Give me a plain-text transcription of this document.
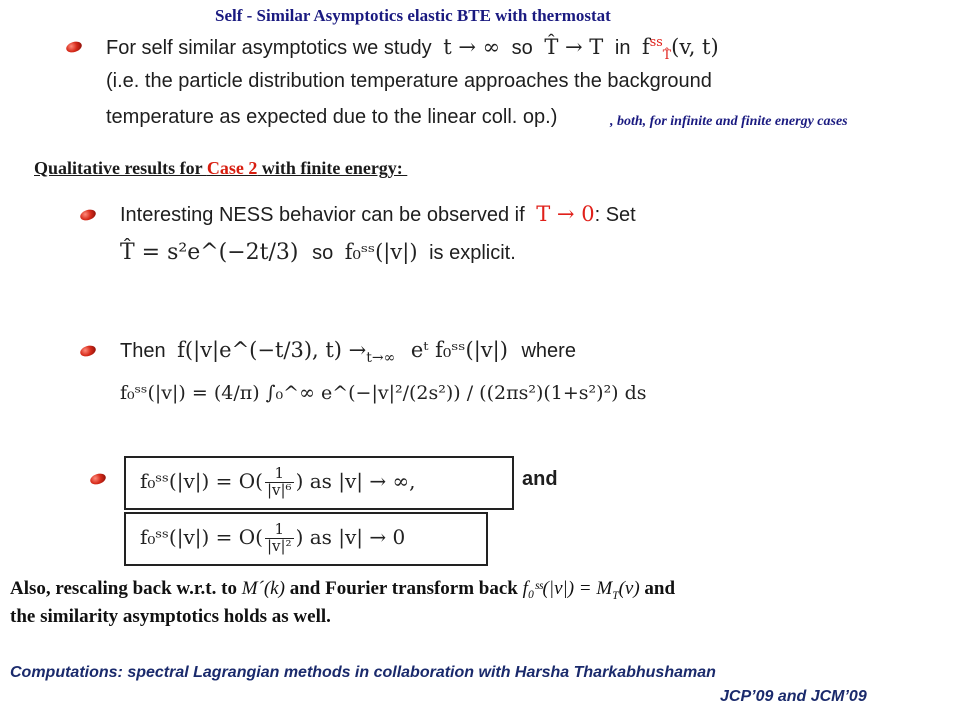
Self - Similar Asymptotics elastic BTE with thermostat
For self similar asymptotics we study t → ∞ so T̂ → T in $f^{ss}_{T̂}(v$, t)
(i.e. the particle distribution temperature approaches the background
temperature as expected due to the linear coll. op.)	, both, for infinite and finite energy cases
Qualitative results for Case 2 with finite energy:
Interesting NESS behavior can be observed if T → 0: Set
T̂ = s²e^(−2t/3) so f₀ˢˢ(|v|) is explicit.
Then f(|v|e^(−t/3), $t) \to_{t\to\infty}$ eᵗ f₀ˢˢ(|v|) where
f₀ˢˢ(|v|) = (4/π) ∫₀^∞ e^(−|v|²/(2s²)) / ((2πs²)(1+s²)²) ds
f₀ˢˢ(|v|) = $O( \frac{1}{\text{|v|⁶}}$ ) as |v| → ∞,	and
f₀ˢˢ(|v|) = $O( \frac{1}{\text{|v|²}}$ ) as |v| → 0
Also, rescaling back w.r.t. to M´(k) and Fourier transform back f₀ˢˢ(|v|) = $M_T(v)$ and
the similarity asymptotics holds as well.
Computations: spectral Lagrangian methods in collaboration with Harsha Tharkabhushaman
JCP’09 and JCM’09
